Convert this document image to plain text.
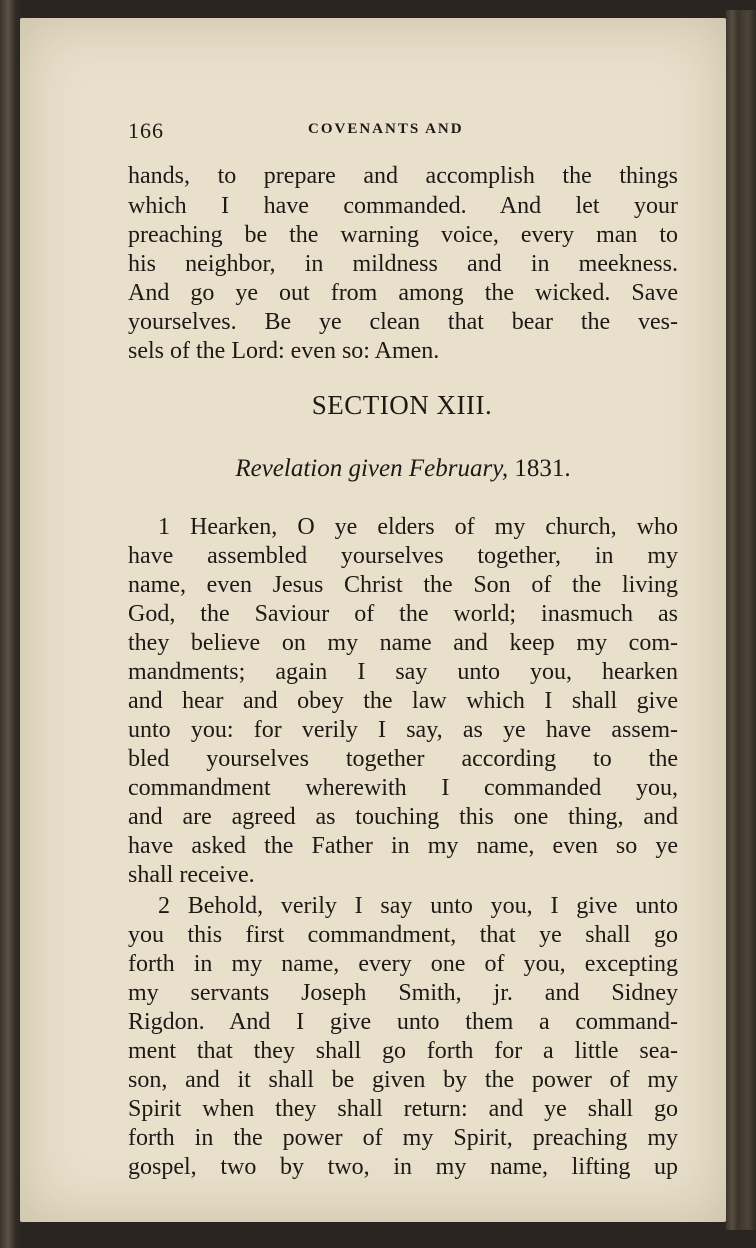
166	COVENANTS AND
hands, to prepare and accomplish the things
which I have commanded. And let your
preaching be the warning voice, every man to
his neighbor, in mildness and in meekness.
And go ye out from among the wicked. Save
yourselves. Be ye clean that bear the ves-
sels of the Lord: even so: Amen.
SECTION XIII.
Revelation given February, 1831.
1 Hearken, O ye elders of my church, who
have assembled yourselves together, in my
name, even Jesus Christ the Son of the living
God, the Saviour of the world; inasmuch as
they believe on my name and keep my com-
mandments; again I say unto you, hearken
and hear and obey the law which I shall give
unto you: for verily I say, as ye have assem-
bled yourselves together according to the
commandment wherewith I commanded you,
and are agreed as touching this one thing, and
have asked the Father in my name, even so ye
shall receive.
2 Behold, verily I say unto you, I give unto
you this first commandment, that ye shall go
forth in my name, every one of you, excepting
my servants Joseph Smith, jr. and Sidney
Rigdon. And I give unto them a command-
ment that they shall go forth for a little sea-
son, and it shall be given by the power of my
Spirit when they shall return: and ye shall go
forth in the power of my Spirit, preaching my
gospel, two by two, in my name, lifting up
